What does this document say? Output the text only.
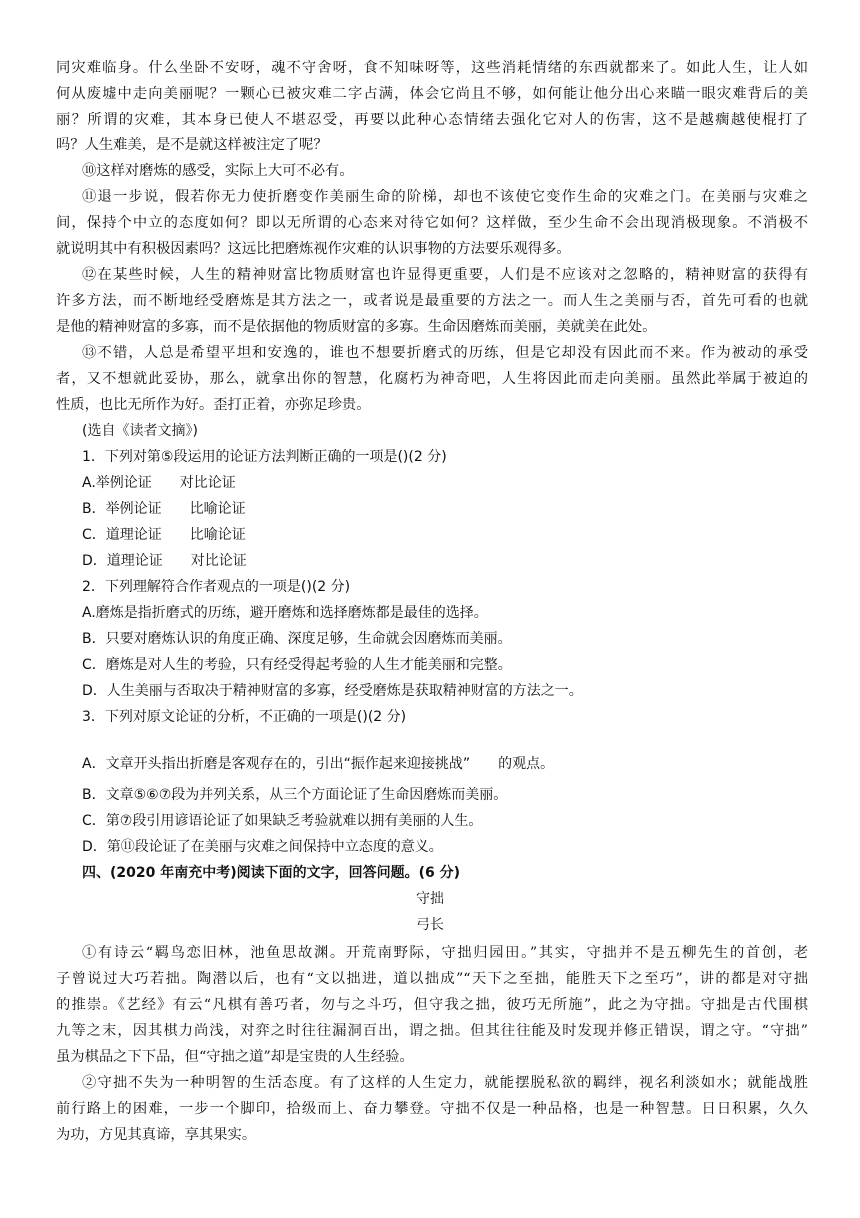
同灾难临身。什么坐卧不安呀，魂不守舍呀，食不知味呀等，这些消耗情绪的东西就都来了。如此人生，让人如
何从废墟中走向美丽呢？一颗心已被灾难二字占满，体会它尚且不够，如何能让他分出心来瞄一眼灾难背后的美
丽？所谓的灾难，其本身已使人不堪忍受，再要以此种心态情绪去强化它对人的伤害，这不是越瘸越使棍打了
吗？人生难美，是不是就这样被注定了呢？
⑩这样对磨炼的感受，实际上大可不必有。
⑪退一步说，假若你无力使折磨变作美丽生命的阶梯，却也不该使它变作生命的灾难之门。在美丽与灾难之
间，保持个中立的态度如何？即以无所谓的心态来对待它如何？这样做，至少生命不会出现消极现象。不消极不
就说明其中有积极因素吗？这远比把磨炼视作灾难的认识事物的方法要乐观得多。
⑫在某些时候，人生的精神财富比物质财富也许显得更重要，人们是不应该对之忽略的，精神财富的获得有
许多方法，而不断地经受磨炼是其方法之一，或者说是最重要的方法之一。而人生之美丽与否，首先可看的也就
是他的精神财富的多寡，而不是依据他的物质财富的多寡。生命因磨炼而美丽，美就美在此处。
⑬不错，人总是希望平坦和安逸的，谁也不想要折磨式的历练，但是它却没有因此而不来。作为被动的承受
者，又不想就此妥协，那么，就拿出你的智慧，化腐朽为神奇吧，人生将因此而走向美丽。虽然此举属于被迫的
性质，也比无所作为好。歪打正着，亦弥足珍贵。
(选自《读者文摘》)
1．下列对第⑤段运用的论证方法判断正确的一项是()(2 分)
A.举例论证　　对比论证
B．举例论证　　比喻论证
C．道理论证　　比喻论证
D．道理论证　　对比论证
2．下列理解符合作者观点的一项是()(2 分)
A.磨炼是指折磨式的历练，避开磨炼和选择磨炼都是最佳的选择。
B．只要对磨炼认识的角度正确、深度足够，生命就会因磨炼而美丽。
C．磨炼是对人生的考验，只有经受得起考验的人生才能美丽和完整。
D．人生美丽与否取决于精神财富的多寡，经受磨炼是获取精神财富的方法之一。
3．下列对原文论证的分析，不正确的一项是()(2 分)
A．文章开头指出折磨是客观存在的，引出“振作起来迎接挑战”　　的观点。
B．文章⑤⑥⑦段为并列关系，从三个方面论证了生命因磨炼而美丽。
C．第⑦段引用谚语论证了如果缺乏考验就难以拥有美丽的人生。
D．第⑪段论证了在美丽与灾难之间保持中立态度的意义。
四、(2020 年南充中考)阅读下面的文字，回答问题。(6 分)
守拙
弓长
①有诗云“羁鸟恋旧林，池鱼思故渊。开荒南野际，守拙归园田。”其实，守拙并不是五柳先生的首创，老
子曾说过大巧若拙。陶潜以后，也有“文以拙进，道以拙成”“天下之至拙，能胜天下之至巧”，讲的都是对守拙
的推崇。《艺经》有云“凡棋有善巧者，勿与之斗巧，但守我之拙，彼巧无所施”，此之为守拙。守拙是古代围棋
九等之末，因其棋力尚浅，对弈之时往往漏洞百出，谓之拙。但其往往能及时发现并修正错误，谓之守。“守拙”
虽为棋品之下下品，但“守拙之道”却是宝贵的人生经验。
②守拙不失为一种明智的生活态度。有了这样的人生定力，就能摆脱私欲的羁绊，视名利淡如水；就能战胜
前行路上的困难，一步一个脚印，拾级而上、奋力攀登。守拙不仅是一种品格，也是一种智慧。日日积累，久久
为功，方见其真谛，享其果实。
